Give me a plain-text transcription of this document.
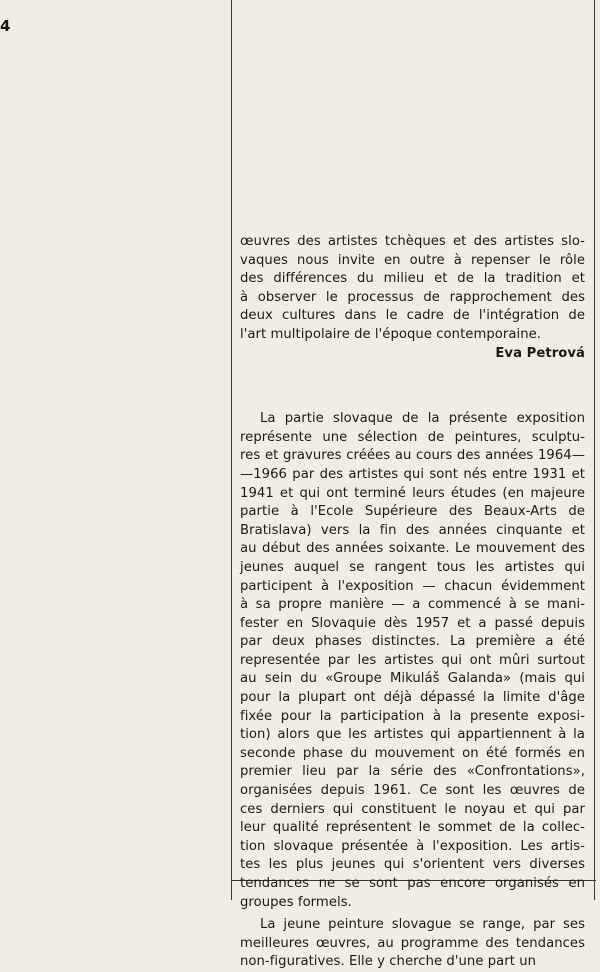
4
œuvres des artistes tchèques et des artistes slo-
vaques nous invite en outre à repenser le rôle
des différences du milieu et de la tradition et
à observer le processus de rapprochement des
deux cultures dans le cadre de l'intégration de
l'art multipolaire de l'époque contemporaine.
Eva Petrová
La partie slovaque de la présente exposition
représente une sélection de peintures, sculptu-
res et gravures créées au cours des années 1964—
—1966 par des artistes qui sont nés entre 1931 et
1941 et qui ont terminé leurs études (en majeure
partie à l'Ecole Supérieure des Beaux-Arts de
Bratislava) vers la fin des années cinquante et
au début des années soixante. Le mouvement des
jeunes auquel se rangent tous les artistes qui
participent à l'exposition — chacun évidemment
à sa propre manière — a commencé à se mani-
fester en Slovaquie dès 1957 et a passé depuis
par deux phases distinctes. La première a été
representée par les artistes qui ont mûri surtout
au sein du «Groupe Mikuláš Galanda» (mais qui
pour la plupart ont déjà dépassé la limite d'âge
fixée pour la participation à la presente exposi-
tion) alors que les artistes qui appartiennent à la
seconde phase du mouvement on été formés en
premier lieu par la série des «Confrontations»,
organisées depuis 1961. Ce sont les œuvres de
ces derniers qui constituent le noyau et qui par
leur qualité représentent le sommet de la collec-
tion slovaque présentée à l'exposition. Les artis-
tes les plus jeunes qui s'orientent vers diverses
tendances ne se sont pas encore organisés en
groupes formels.
La jeune peinture slovague se range, par ses
meilleures œuvres, au programme des tendances
non-figuratives. Elle y cherche d'une part un
